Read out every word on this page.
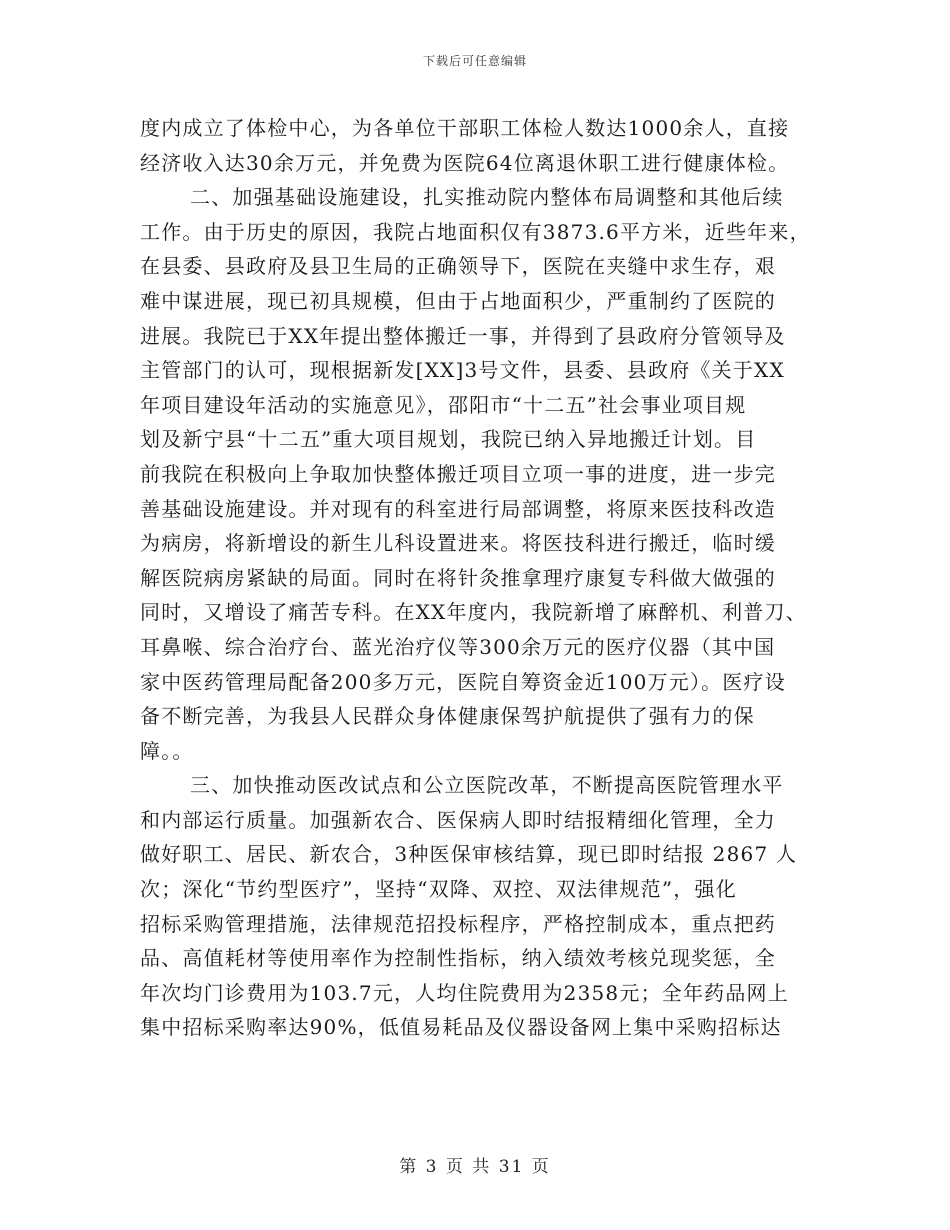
下载后可任意编辑
度内成立了体检中心，为各单位干部职工体检人数达1000余人，直接
经济收入达30余万元，并免费为医院64位离退休职工进行健康体检。
二、加强基础设施建设，扎实推动院内整体布局调整和其他后续
工作。由于历史的原因，我院占地面积仅有3873.6平方米，近些年来，
在县委、县政府及县卫生局的正确领导下，医院在夹缝中求生存，艰
难中谋进展，现已初具规模，但由于占地面积少，严重制约了医院的
进展。我院已于XX年提出整体搬迁一事，并得到了县政府分管领导及
主管部门的认可，现根据新发[XX]3号文件，县委、县政府《关于XX
年项目建设年活动的实施意见》，邵阳市“十二五”社会事业项目规
划及新宁县“十二五”重大项目规划，我院已纳入异地搬迁计划。目
前我院在积极向上争取加快整体搬迁项目立项一事的进度，进一步完
善基础设施建设。并对现有的科室进行局部调整，将原来医技科改造
为病房，将新增设的新生儿科设置进来。将医技科进行搬迁，临时缓
解医院病房紧缺的局面。同时在将针灸推拿理疗康复专科做大做强的
同时，又增设了痛苦专科。在XX年度内，我院新增了麻醉机、利普刀、
耳鼻喉、综合治疗台、蓝光治疗仪等300余万元的医疗仪器（其中国
家中医药管理局配备200多万元，医院自筹资金近100万元）。医疗设
备不断完善，为我县人民群众身体健康保驾护航提供了强有力的保
障。。
三、加快推动医改试点和公立医院改革，不断提高医院管理水平
和内部运行质量。加强新农合、医保病人即时结报精细化管理，全力
做好职工、居民、新农合，3种医保审核结算，现已即时结报 2867 人
次；深化“节约型医疗”，坚持“双降、双控、双法律规范”，强化
招标采购管理措施，法律规范招投标程序，严格控制成本，重点把药
品、高值耗材等使用率作为控制性指标，纳入绩效考核兑现奖惩，全
年次均门诊费用为103.7元，人均住院费用为2358元；全年药品网上
集中招标采购率达90%，低值易耗品及仪器设备网上集中采购招标达
第 3 页 共 31 页
